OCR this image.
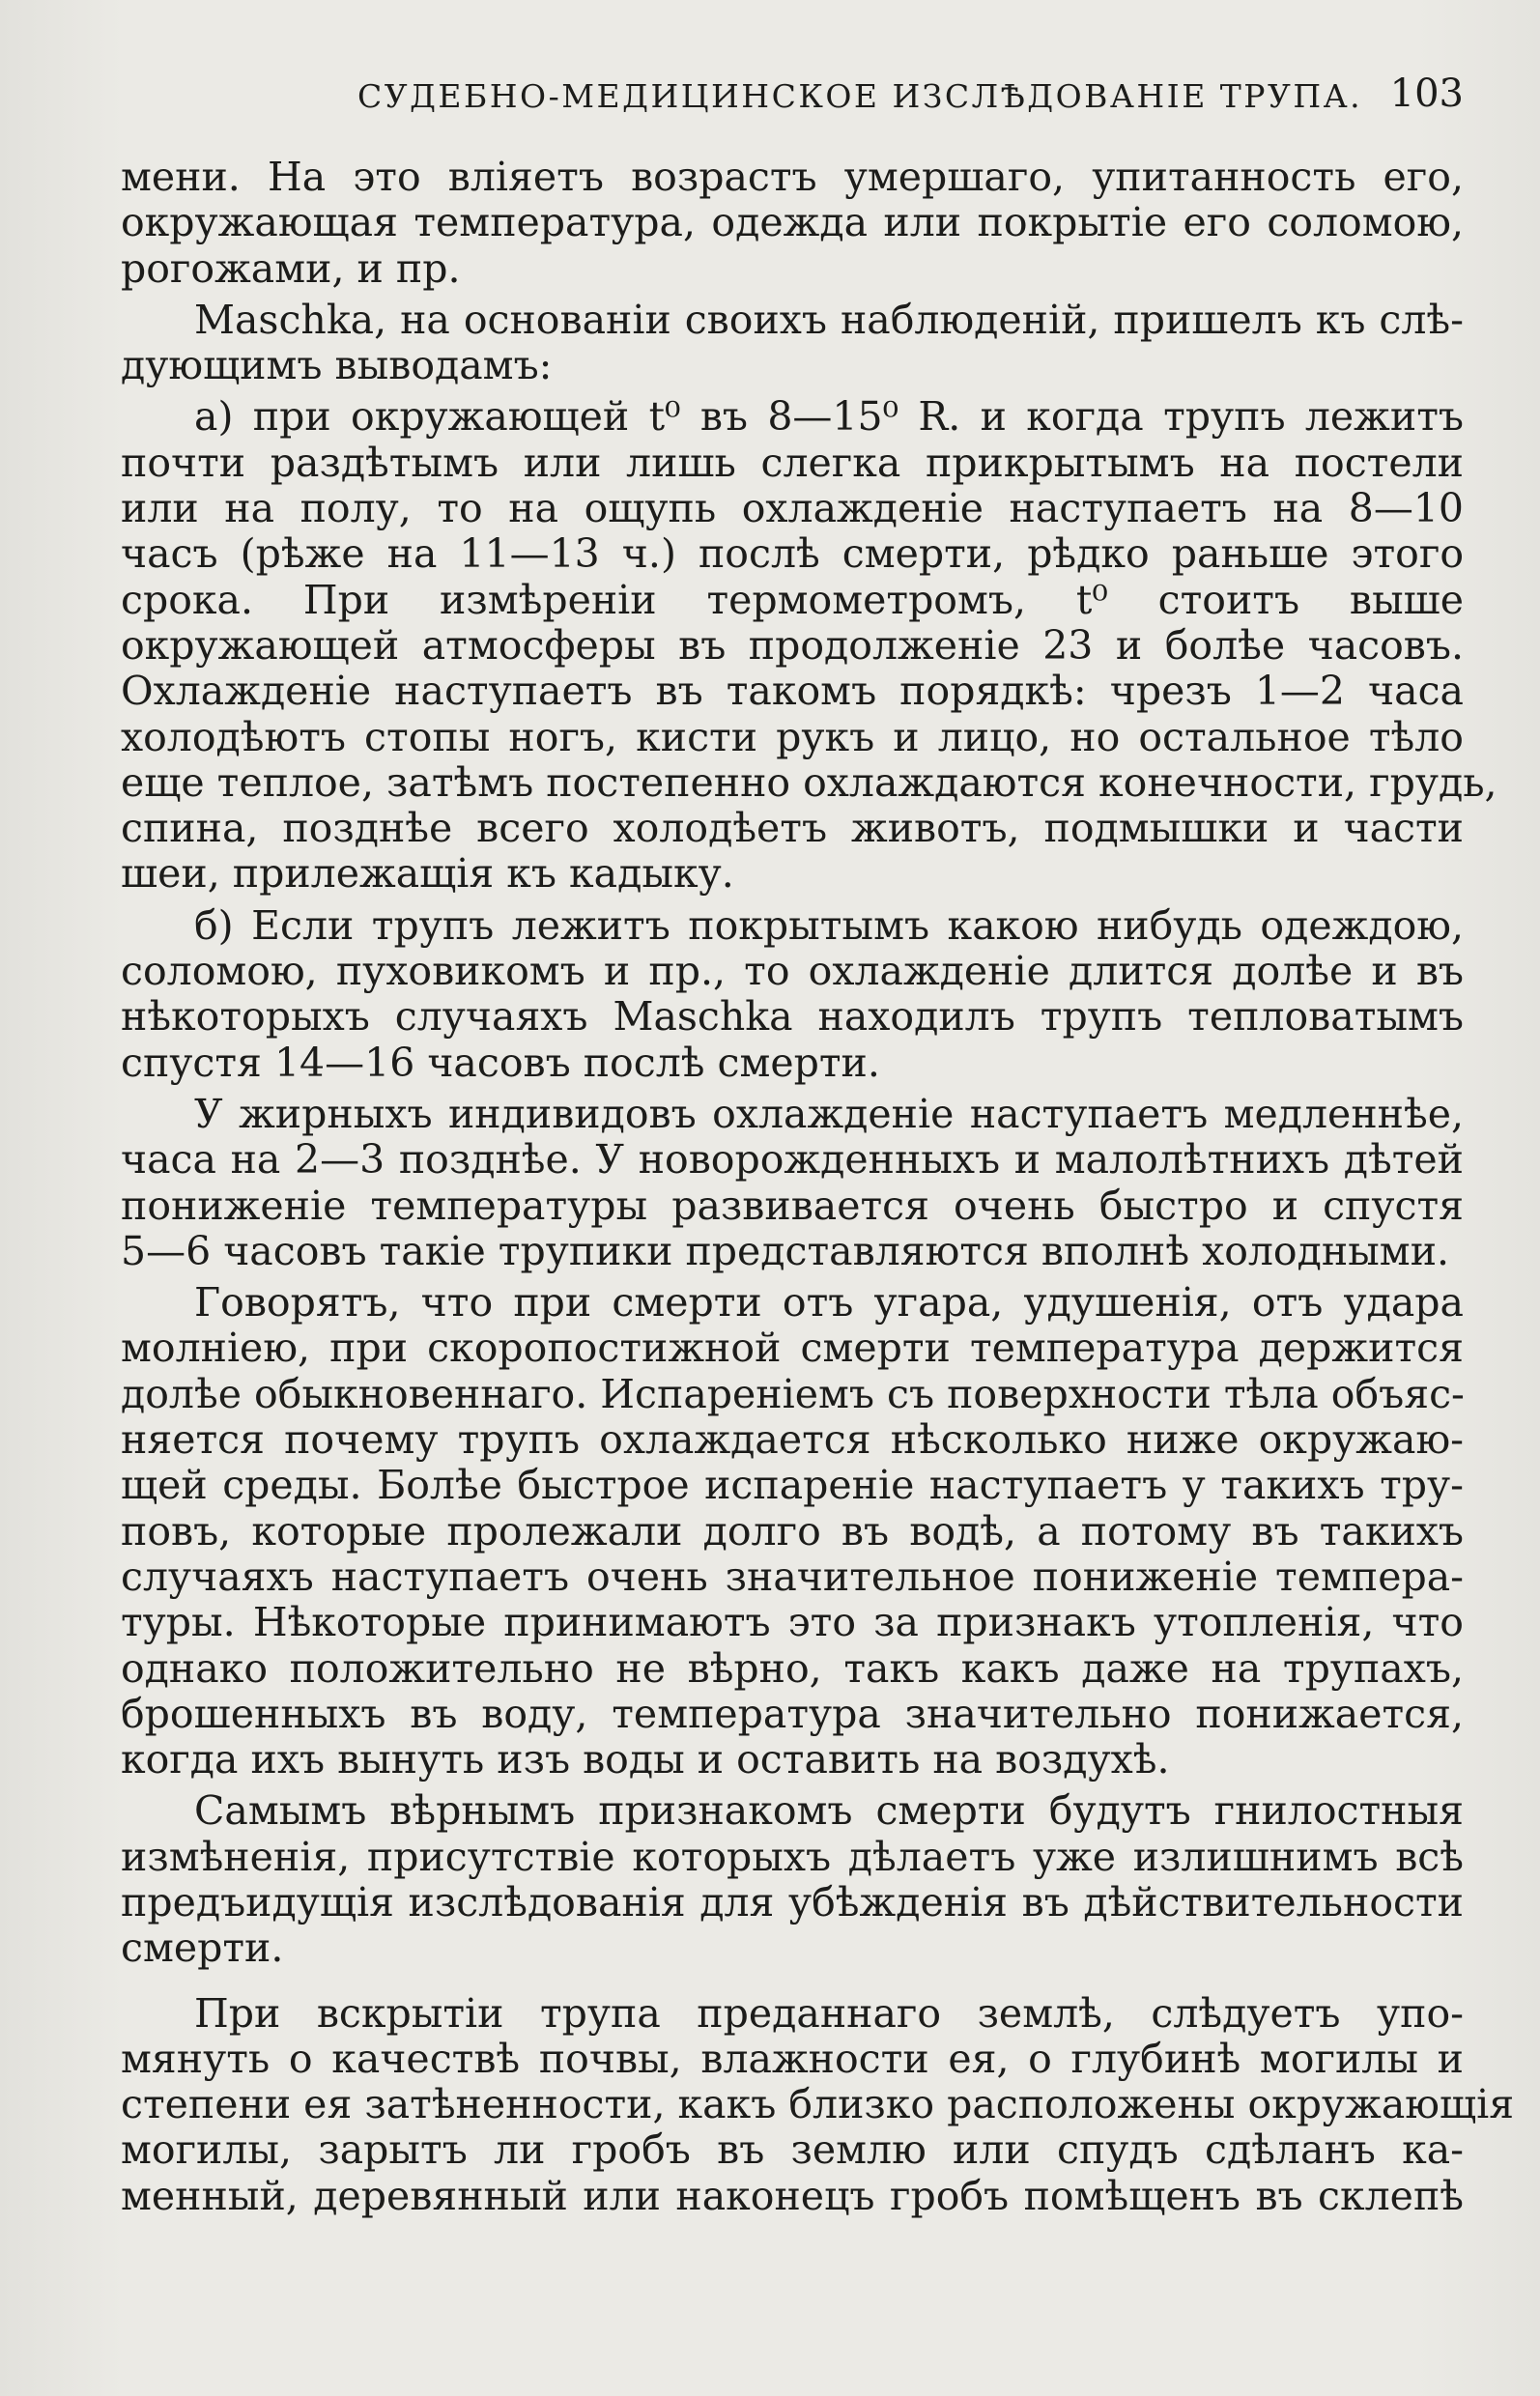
СУДЕБНО-МЕДИЦИНСКОЕ ИЗСЛѢДОВАНІЕ ТРУПА. 103
мени. На это вліяетъ возрастъ умершаго, упитанность его,
окружающая температура, одежда или покрытіе его соломою,
рогожами, и пр.
Maschka, на основаніи своихъ наблюденій, пришелъ къ слѣ-
дующимъ выводамъ:
а) при окружающей t⁰ въ 8—15⁰ R. и когда трупъ лежитъ
почти раздѣтымъ или лишь слегка прикрытымъ на постели
или на полу, то на ощупь охлажденіе наступаетъ на 8—10
часъ (рѣже на 11—13 ч.) послѣ смерти, рѣдко раньше этого
срока. При измѣреніи термометромъ, t⁰ стоитъ выше
окружающей атмосферы въ продолженіе 23 и болѣе часовъ.
Охлажденіе наступаетъ въ такомъ порядкѣ: чрезъ 1—2 часа
холодѣютъ стопы ногъ, кисти рукъ и лицо, но остальное тѣло
еще теплое, затѣмъ постепенно охлаждаются конечности, грудь,
спина, позднѣе всего холодѣетъ животъ, подмышки и части
шеи, прилежащія къ кадыку.
б) Если трупъ лежитъ покрытымъ какою нибудь одеждою,
соломою, пуховикомъ и пр., то охлажденіе длится долѣе и въ
нѣкоторыхъ случаяхъ Maschka находилъ трупъ тепловатымъ
спустя 14—16 часовъ послѣ смерти.
У жирныхъ индивидовъ охлажденіе наступаетъ медленнѣе,
часа на 2—3 позднѣе. У новорожденныхъ и малолѣтнихъ дѣтей
пониженіе температуры развивается очень быстро и спустя
5—6 часовъ такіе трупики представляются вполнѣ холодными.
Говорятъ, что при смерти отъ угара, удушенія, отъ удара
молніею, при скоропостижной смерти температура держится
долѣе обыкновеннаго. Испареніемъ съ поверхности тѣла объяс-
няется почему трупъ охлаждается нѣсколько ниже окружаю-
щей среды. Болѣе быстрое испареніе наступаетъ у такихъ тру-
повъ, которые пролежали долго въ водѣ, а потому въ такихъ
случаяхъ наступаетъ очень значительное пониженіе темпера-
туры. Нѣкоторые принимаютъ это за признакъ утопленія, что
однако положительно не вѣрно, такъ какъ даже на трупахъ,
брошенныхъ въ воду, температура значительно понижается,
когда ихъ вынуть изъ воды и оставить на воздухѣ.
Самымъ вѣрнымъ признакомъ смерти будутъ гнилостныя
измѣненія, присутствіе которыхъ дѣлаетъ уже излишнимъ всѣ
предъидущія изслѣдованія для убѣжденія въ дѣйствительности
смерти.
При вскрытіи трупа преданнаго землѣ, слѣдуетъ упо-
мянуть о качествѣ почвы, влажности ея, о глубинѣ могилы и
степени ея затѣненности, какъ близко расположены окружающія
могилы, зарытъ ли гробъ въ землю или спудъ сдѣланъ ка-
менный, деревянный или наконецъ гробъ помѣщенъ въ склепѣ
